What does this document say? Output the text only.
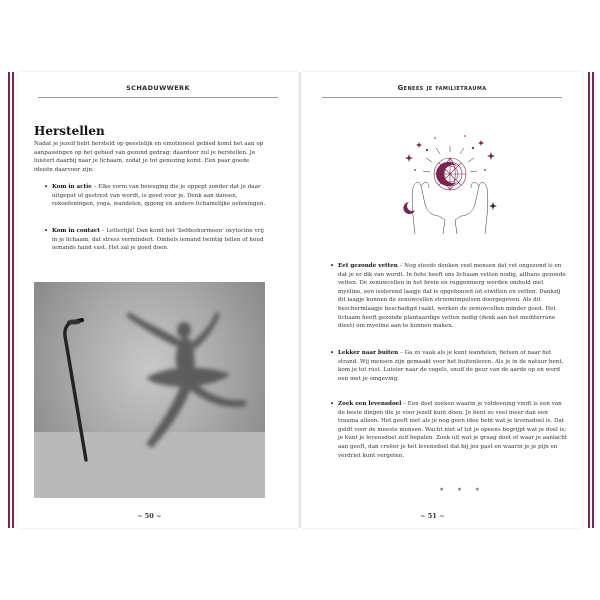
SCHADUWWERK
Herstellen

Nadat je jezelf hebt hersteld op geestelijk en emotioneel gebied komt het aan op aanpassingen op het gebied van gezond gedrag; daardoor zul je herstellen. Je luistert daarbij naar je lichaam, zodat je tot genezing komt. Een paar goede ideeën daarvoor zijn:

• Kom in actie – Elke vorm van beweging die je oppept zonder dat je daar uitgeput of gestrest van wordt, is goed voor je. Denk aan dansen, rekoefeningen, yoga, wandelen, qigong en andere lichamelijke oefeningen.
• Kom in contact – Letterlijk! Dan komt het 'liefdeshormoon' oxytocine vrij in je lichaam, dat stress vermindert. Omhels iemand twintig tellen of houd iemands hand vast. Het zal je goed doen.
~ 50 ~
Genees je familietrauma
• Eet gezonde vetten – Nog steeds denken veel mensen dat vet ongezond is en dat je er dik van wordt. In feite heeft ons lichaam vetten nodig, althans gezonde vetten. De zenuwcellen in het brein en ruggenmerg worden omhuld met myeline, een isolerend laagje dat is opgebouwd uit eiwitten en vetten. Dankzij dit laagje kunnen de zenuwcellen stroomimpulsen doorgegeven. Als dit beschermlaagje beschadigd raakt, werken de zenuwcellen minder goed. Het lichaam heeft gezonde plantaardige vetten nodig (denk aan het mediterrane dieet) om myeline aan te kunnen maken.
• Lekker naar buiten – Ga zo vaak als je kunt wandelen, fietsen of naar het strand. Wij mensen zijn gemaakt voor het buitenleven. Als je in de natuur bent, kom je tot rust. Luister naar de vogels, snuif de geur van de aarde op en word een met je omgeving.
• Zoek een levensdoel – Een doel zoeken waarin je voldoening vindt is een van de beste dingen die je voor jezelf kunt doen. Je bent zo veel meer dan een trauma alleen. Het geeft niet als je nog geen idee hebt wat je levensdoel is. Dat geldt voor de meeste mensen. Wacht niet af tot je opeens begrijpt wat je doel is; je kunt je levensdoel zelf bepalen. Zoek uit wat je graag doet of waar je aanlacht aan geeft, dan creëer je het levensdoel dat bij jou past en waarin je je pijn en verdriet kunt vergeten.
* * *
~ 51 ~
